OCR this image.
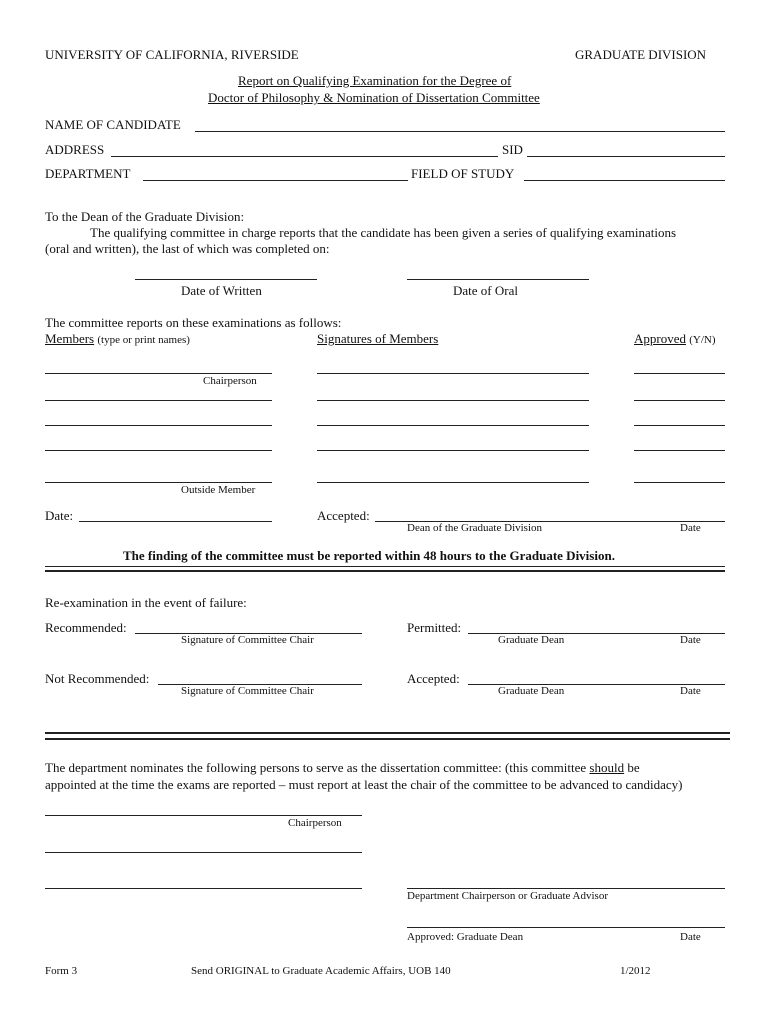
UNIVERSITY OF CALIFORNIA, RIVERSIDE	GRADUATE DIVISION
Report on Qualifying Examination for the Degree of
Doctor of Philosophy & Nomination of Dissertation Committee
NAME OF CANDIDATE
ADDRESS	SID
DEPARTMENT	FIELD OF STUDY
To the Dean of the Graduate Division:
The qualifying committee in charge reports that the candidate has been given a series of qualifying examinations
(oral and written), the last of which was completed on:
Date of Written	Date of Oral
The committee reports on these examinations as follows:
Members (type or print names)	Signatures of Members	Approved (Y/N)
Chairperson
Outside Member
Date:	Accepted:
Dean of the Graduate Division	Date
The finding of the committee must be reported within 48 hours to the Graduate Division.
Re-examination in the event of failure:
Recommended:
Signature of Committee Chair
Permitted:
Graduate Dean	Date
Not Recommended:
Signature of Committee Chair
Accepted:
Graduate Dean	Date
The department nominates the following persons to serve as the dissertation committee: (this committee should be
appointed at the time the exams are reported – must report at least the chair of the committee to be advanced to candidacy)
Chairperson
Department Chairperson or Graduate Advisor
Approved: Graduate Dean	Date
Form 3	Send ORIGINAL to Graduate Academic Affairs, UOB 140	1/2012
